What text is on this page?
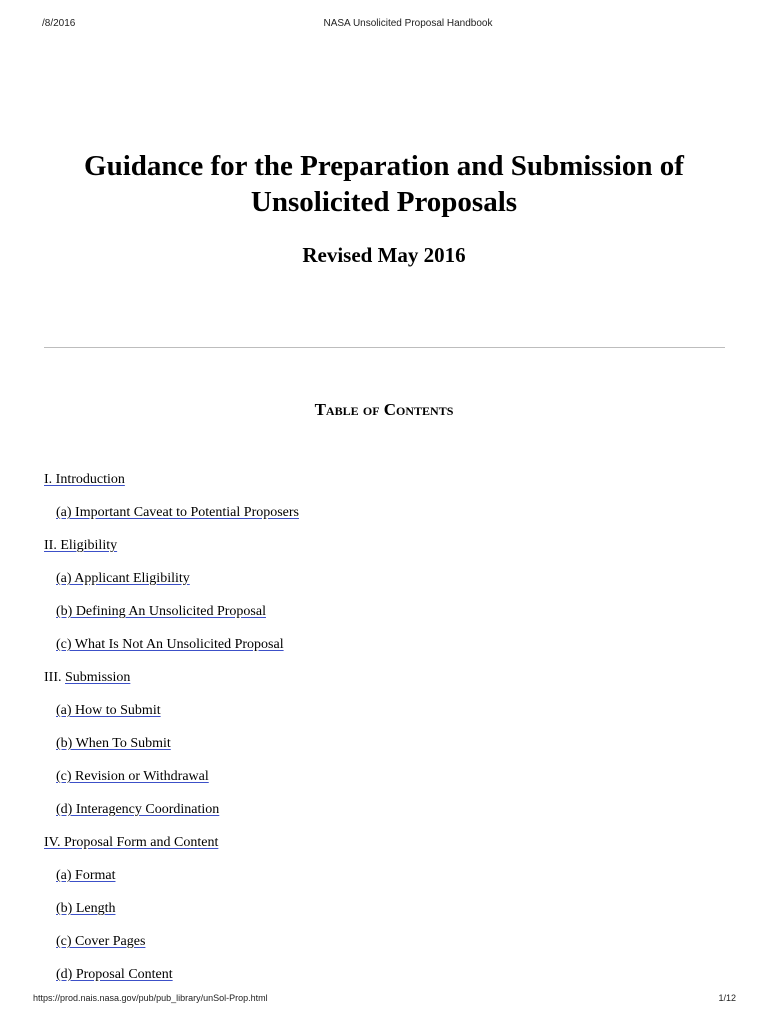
/8/2016	NASA Unsolicited Proposal Handbook
Guidance for the Preparation and Submission of Unsolicited Proposals
Revised May 2016
Table of Contents
I. Introduction
(a) Important Caveat to Potential Proposers
II. Eligibility
(a) Applicant Eligibility
(b) Defining An Unsolicited Proposal
(c) What Is Not An Unsolicited Proposal
III. Submission
(a) How to Submit
(b) When To Submit
(c) Revision or Withdrawal
(d) Interagency Coordination
IV. Proposal Form and Content
(a) Format
(b) Length
(c) Cover Pages
(d) Proposal Content
https://prod.nais.nasa.gov/pub/pub_library/unSol-Prop.html	1/12
